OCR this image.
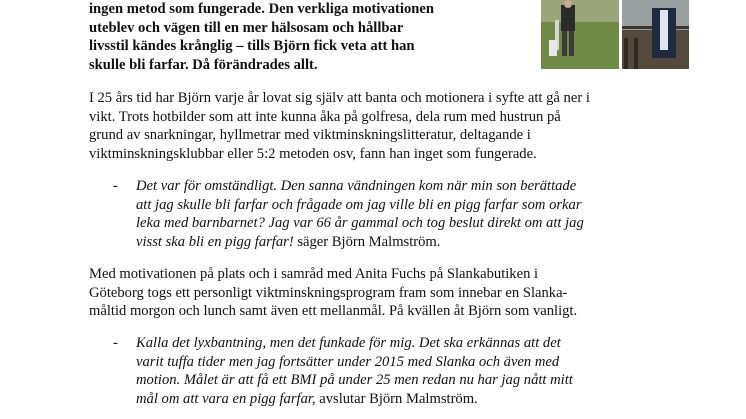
ingen metod som fungerade. Den verkliga motivationen
uteblev och vägen till en mer hälsosam och hållbar
livsstil kändes krånglig – tills Björn fick veta att han
skulle bli farfar. Då förändrades allt.
I 25 års tid har Björn varje år lovat sig själv att banta och motionera i syfte att gå ner i
vikt. Trots hotbilder som att inte kunna åka på golfresa, dela rum med hustrun på
grund av snarkningar, hyllmetrar med viktminskningslitteratur, deltagande i
viktminskningsklubbar eller 5:2 metoden osv, fann han inget som fungerade.
- Det var för omständligt. Den sanna vändningen kom när min son berättade
att jag skulle bli farfar och frågade om jag ville bli en pigg farfar som orkar
leka med barnbarnet? Jag var 66 år gammal och tog beslut direkt om att jag
visst ska bli en pigg farfar! säger Björn Malmström.
Med motivationen på plats och i samråd med Anita Fuchs på Slankabutiken i
Göteborg togs ett personligt viktminskningsprogram fram som innebar en Slanka-
måltid morgon och lunch samt även ett mellanmål. På kvällen åt Björn som vanligt.
- Kalla det lyxbantning, men det funkade för mig. Det ska erkännas att det
varit tuffa tider men jag fortsätter under 2015 med Slanka och även med
motion. Målet är att få ett BMI på under 25 men redan nu har jag nått mitt
mål om att vara en pigg farfar, avslutar Björn Malmström.
